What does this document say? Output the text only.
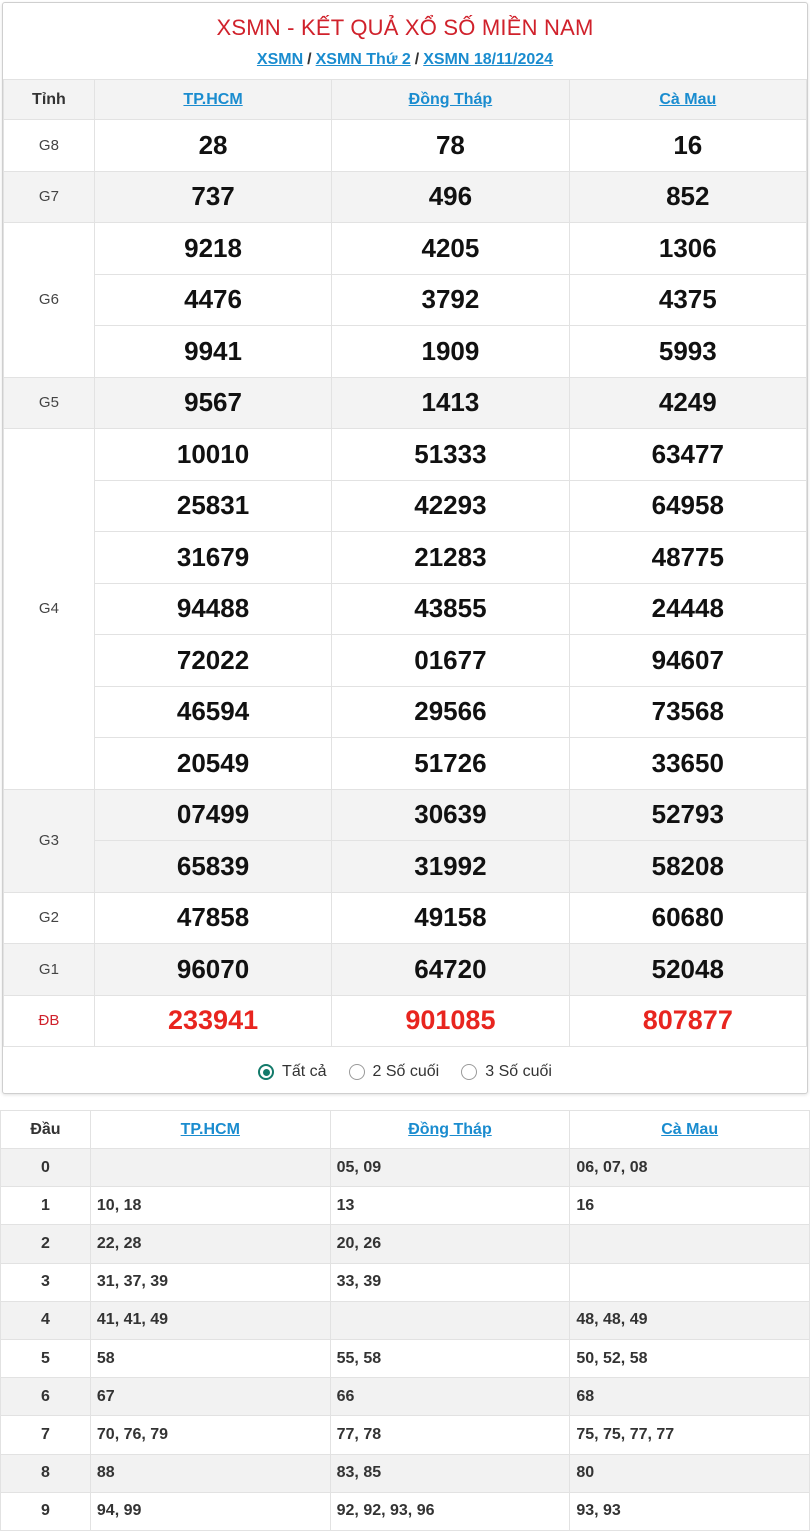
XSMN - KẾT QUẢ XỔ SỐ MIỀN NAM
XSMN / XSMN Thứ 2 / XSMN 18/11/2024
Tỉnh	TP.HCM	Đồng Tháp	Cà Mau
G8	28	78	16
G7	737	496	852
G6	9218	4205	1306
	4476	3792	4375
	9941	1909	5993
G5	9567	1413	4249
G4	10010	51333	63477
	25831	42293	64958
	31679	21283	48775
	94488	43855	24448
	72022	01677	94607
	46594	29566	73568
	20549	51726	33650
G3	07499	30639	52793
	65839	31992	58208
G2	47858	49158	60680
G1	96070	64720	52048
ĐB	233941	901085	807877
Tất cả	2 Số cuối	3 Số cuối
Đầu	TP.HCM	Đồng Tháp	Cà Mau
0		05, 09	06, 07, 08
1	10, 18	13	16
2	22, 28	20, 26	
3	31, 37, 39	33, 39	
4	41, 41, 49		48, 48, 49
5	58	55, 58	50, 52, 58
6	67	66	68
7	70, 76, 79	77, 78	75, 75, 77, 77
8	88	83, 85	80
9	94, 99	92, 92, 93, 96	93, 93
